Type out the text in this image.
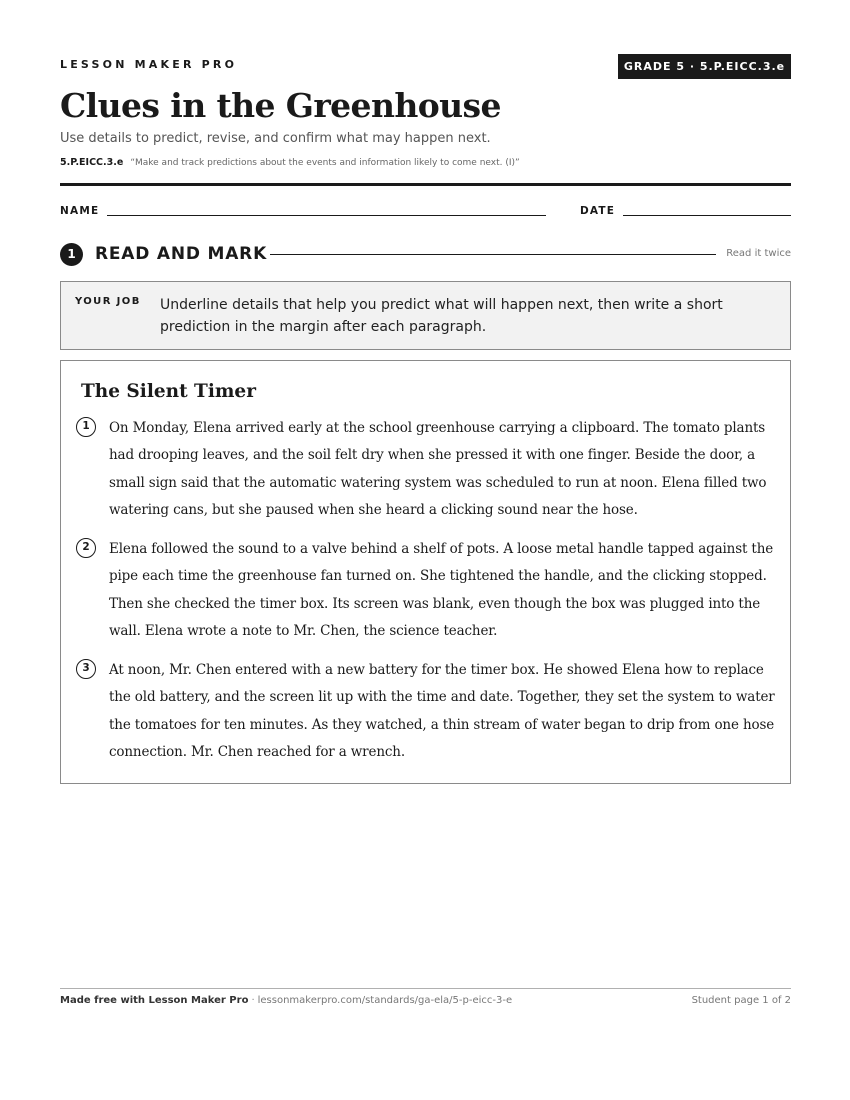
LESSON MAKER PRO	GRADE 5 · 5.P.EICC.3.e
Clues in the Greenhouse
Use details to predict, revise, and confirm what may happen next.
5.P.EICC.3.e “Make and track predictions about the events and information likely to come next. (I)”
NAME	DATE
1	READ AND MARK	Read it twice
YOUR JOB Underline details that help you predict what will happen next, then write a short prediction in the margin after each paragraph.
The Silent Timer
1	On Monday, Elena arrived early at the school greenhouse carrying a clipboard. The tomato plants had drooping leaves, and the soil felt dry when she pressed it with one finger. Beside the door, a small sign said that the automatic watering system was scheduled to run at noon. Elena filled two watering cans, but she paused when she heard a clicking sound near the hose.
2	Elena followed the sound to a valve behind a shelf of pots. A loose metal handle tapped against the pipe each time the greenhouse fan turned on. She tightened the handle, and the clicking stopped. Then she checked the timer box. Its screen was blank, even though the box was plugged into the wall. Elena wrote a note to Mr. Chen, the science teacher.
3	At noon, Mr. Chen entered with a new battery for the timer box. He showed Elena how to replace the old battery, and the screen lit up with the time and date. Together, they set the system to water the tomatoes for ten minutes. As they watched, a thin stream of water began to drip from one hose connection. Mr. Chen reached for a wrench.
Made free with Lesson Maker Pro · lessonmakerpro.com/standards/ga-ela/5-p-eicc-3-e	Student page 1 of 2
